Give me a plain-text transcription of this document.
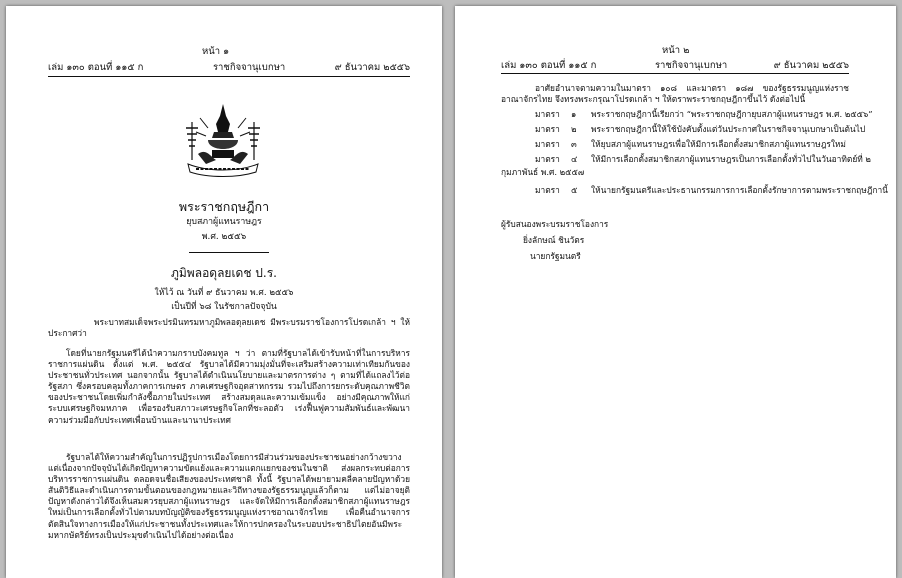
หน้า ๑
เล่ม ๑๓๐ ตอนที่ ๑๑๕ ก	ราชกิจจานุเบกษา	๙ ธันวาคม ๒๕๕๖
พระราชกฤษฎีกา
ยุบสภาผู้แทนราษฎร
พ.ศ. ๒๕๕๖
ภูมิพลอดุลยเดช ป.ร.
ให้ไว้ ณ วันที่ ๙ ธันวาคม พ.ศ. ๒๕๕๖
เป็นปีที่ ๖๘ ในรัชกาลปัจจุบัน
พระบาทสมเด็จพระปรมินทรมหาภูมิพลอดุลยเดช มีพระบรมราชโองการโปรดเกล้า ฯ ให้ประกาศว่า
โดยที่นายกรัฐมนตรีได้นำความกราบบังคมทูล ฯ ว่า ตามที่รัฐบาลได้เข้ารับหน้าที่ในการบริหารราชการแผ่นดิน ตั้งแต่ พ.ศ. ๒๕๕๔ รัฐบาลได้มีความมุ่งมั่นที่จะเสริมสร้างความเท่าเทียมกันของประชาชนทั่วประเทศ นอกจากนั้น รัฐบาลได้ดำเนินนโยบายและมาตรการต่าง ๆ ตามที่ได้แถลงไว้ต่อรัฐสภา ซึ่งครอบคลุมทั้งภาคการเกษตร ภาคเศรษฐกิจอุตสาหกรรม รวมไปถึงการยกระดับคุณภาพชีวิตของประชาชนโดยเพิ่มกำลังซื้อภายในประเทศ สร้างสมดุลและความเข้มแข็ง อย่างมีคุณภาพให้แก่ระบบเศรษฐกิจมหภาค เพื่อรองรับสภาวะเศรษฐกิจโลกที่ชะลอตัว เร่งฟื้นฟูความสัมพันธ์และพัฒนาความร่วมมือกับประเทศเพื่อนบ้านและนานาประเทศ
รัฐบาลได้ให้ความสำคัญในการปฏิรูปการเมืองโดยการมีส่วนร่วมของประชาชนอย่างกว้างขวางแต่เนื่องจากปัจจุบันได้เกิดปัญหาความขัดแย้งและความแตกแยกของชนในชาติ ส่งผลกระทบต่อการบริหารราชการแผ่นดิน ตลอดจนชื่อเสียงของประเทศชาติ ทั้งนี้ รัฐบาลได้พยายามคลี่คลายปัญหาด้วยสันติวิธีและดำเนินการตามขั้นตอนของกฎหมายและวิถีทางของรัฐธรรมนูญแล้วก็ตาม แต่ไม่อาจยุติปัญหาดังกล่าวได้จึงเห็นสมควรยุบสภาผู้แทนราษฎร และจัดให้มีการเลือกตั้งสมาชิกสภาผู้แทนราษฎรใหม่เป็นการเลือกตั้งทั่วไปตามบทบัญญัติของรัฐธรรมนูญแห่งราชอาณาจักรไทย เพื่อคืนอำนาจการตัดสินใจทางการเมืองให้แก่ประชาชนทั้งประเทศและให้การปกครองในระบอบประชาธิปไตยอันมีพระมหากษัตริย์ทรงเป็นประมุขดำเนินไปได้อย่างต่อเนื่อง
หน้า ๒
เล่ม ๑๓๐ ตอนที่ ๑๑๕ ก	ราชกิจจานุเบกษา	๙ ธันวาคม ๒๕๕๖
อาศัยอำนาจตามความในมาตรา ๑๐๘ และมาตรา ๑๘๗ ของรัฐธรรมนูญแห่งราชอาณาจักรไทย จึงทรงพระกรุณาโปรดเกล้า ฯ ให้ตราพระราชกฤษฎีกาขึ้นไว้ ดังต่อไปนี้
มาตรา	๑	พระราชกฤษฎีกานี้เรียกว่า “พระราชกฤษฎีกายุบสภาผู้แทนราษฎร พ.ศ. ๒๕๕๖”
มาตรา	๒	พระราชกฤษฎีกานี้ให้ใช้บังคับตั้งแต่วันประกาศในราชกิจจานุเบกษาเป็นต้นไป
มาตรา	๓	ให้ยุบสภาผู้แทนราษฎรเพื่อให้มีการเลือกตั้งสมาชิกสภาผู้แทนราษฎรใหม่
มาตรา	๔	ให้มีการเลือกตั้งสมาชิกสภาผู้แทนราษฎรเป็นการเลือกตั้งทั่วไปในวันอาทิตย์ที่ ๒
กุมภาพันธ์ พ.ศ. ๒๕๕๗
มาตรา	๕	ให้นายกรัฐมนตรีและประธานกรรมการการเลือกตั้งรักษาการตามพระราชกฤษฎีกานี้
ผู้รับสนองพระบรมราชโองการ
ยิ่งลักษณ์ ชินวัตร
นายกรัฐมนตรี
